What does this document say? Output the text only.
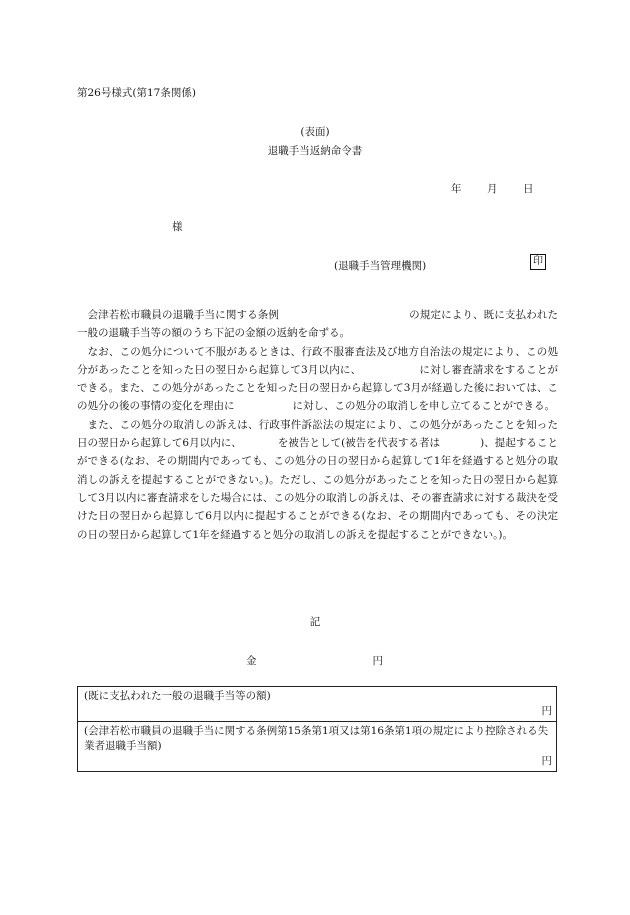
第26号様式(第17条関係)
(表面)
退職手当返納命令書
年 月 日
様
(退職手当管理機関)	印

会津若松市職員の退職手当に関する条例	の規定により、既に支払われた一般の退職手当等の額のうち下記の金額の返納を命ずる。

なお、この処分について不服があるときは、行政不服審査法及び地方自治法の規定により、この処分があったことを知った日の翌日から起算して3月以内に、	に対し審査請求をすることができる。また、この処分があったことを知った日の翌日から起算して3月が経過した後においては、この処分の後の事情の変化を理由に	に対し、この処分の取消しを申し立てることができる。

また、この処分の取消しの訴えは、行政事件訴訟法の規定により、この処分があったことを知った日の翌日から起算して6月以内に、	を被告として(被告を代表する者は	)、提起することができる(なお、その期間内であっても、この処分の日の翌日から起算して1年を経過すると処分の取消しの訴えを提起することができない。)。ただし、この処分があったことを知った日の翌日から起算して3月以内に審査請求をした場合には、この処分の取消しの訴えは、その審査請求に対する裁決を受けた日の翌日から起算して6月以内に提起することができる(なお、その期間内であっても、その決定の日の翌日から起算して1年を経過すると処分の取消しの訴えを提起することができない。)。

記
金	円
(既に支払われた一般の退職手当等の額)
円

(会津若松市職員の退職手当に関する条例第15条第1項又は第16条第1項の規定により控除される失業者退職手当額)
円
